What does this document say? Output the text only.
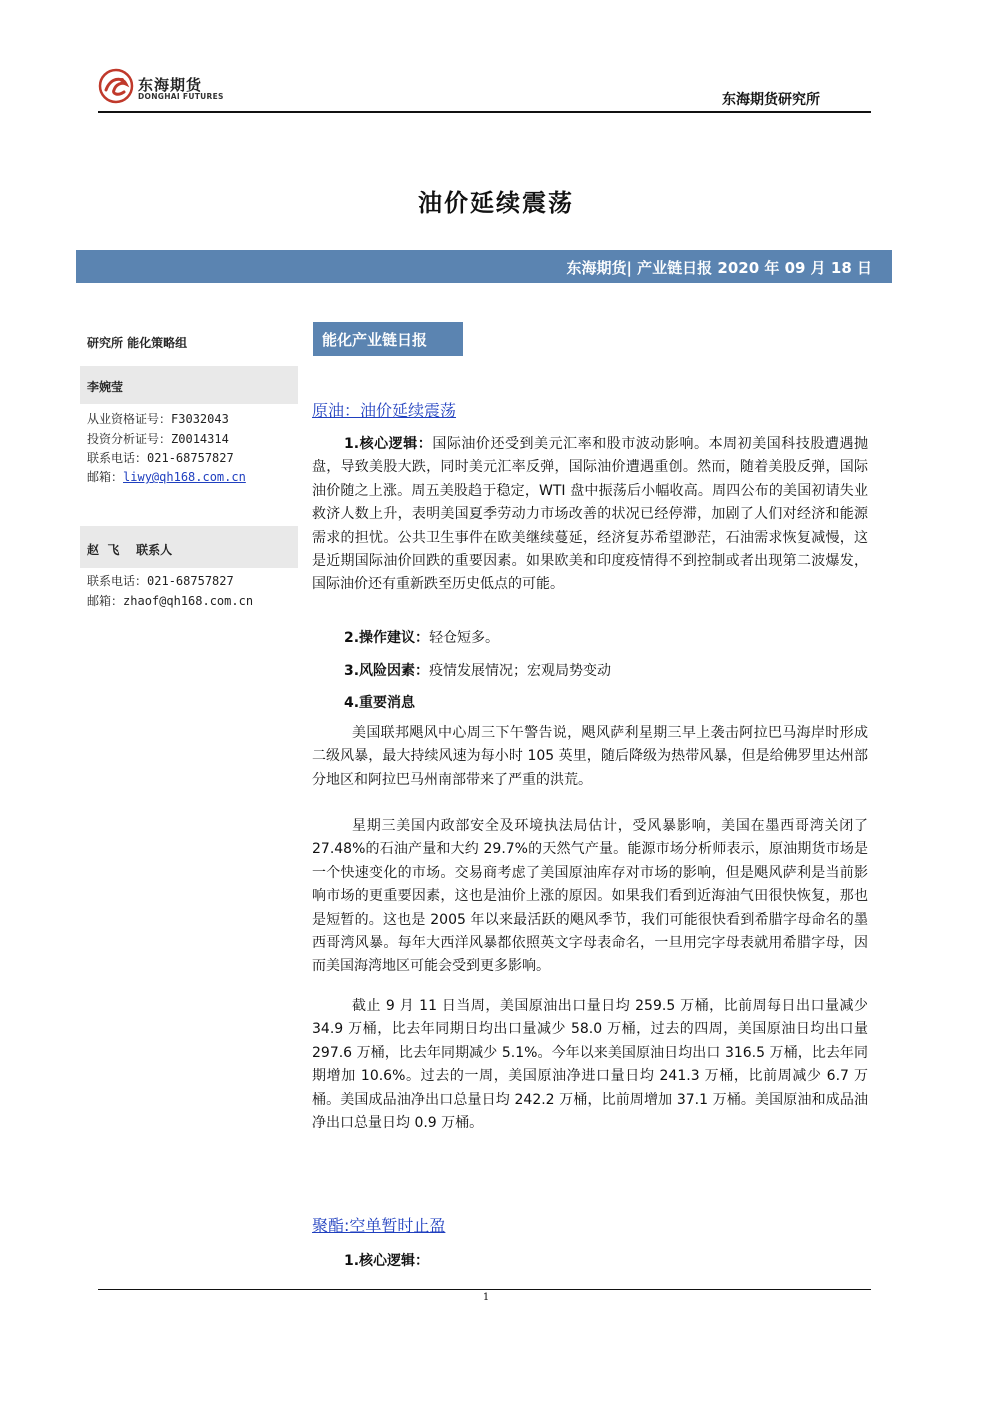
东海期货
DONGHAI FUTURES	东海期货研究所
油价延续震荡
东海期货| 产业链日报 2020 年 09 月 18 日
研究所 能化策略组
李婉莹
从业资格证号：F3032043
投资分析证号：Z0014314
联系电话：021-68757827
邮箱：liwy@qh168.com.cn
赵  飞    联系人
联系电话：021-68757827
邮箱：zhaof@qh168.com.cn
能化产业链日报
原油：油价延续震荡
1.核心逻辑：国际油价还受到美元汇率和股市波动影响。本周初美国科技股遭遇抛盘，导致美股大跌，同时美元汇率反弹，国际油价遭遇重创。然而，随着美股反弹，国际油价随之上涨。周五美股趋于稳定，WTI 盘中振荡后小幅收高。周四公布的美国初请失业救济人数上升，表明美国夏季劳动力市场改善的状况已经停滞，加剧了人们对经济和能源需求的担忧。公共卫生事件在欧美继续蔓延，经济复苏希望渺茫，石油需求恢复减慢，这是近期国际油价回跌的重要因素。如果欧美和印度疫情得不到控制或者出现第二波爆发，国际油价还有重新跌至历史低点的可能。
2.操作建议：轻仓短多。
3.风险因素：疫情发展情况；宏观局势变动
4.重要消息
美国联邦飓风中心周三下午警告说，飓风萨利星期三早上袭击阿拉巴马海岸时形成二级风暴，最大持续风速为每小时 105 英里，随后降级为热带风暴，但是给佛罗里达州部分地区和阿拉巴马州南部带来了严重的洪荒。
星期三美国内政部安全及环境执法局估计，受风暴影响，美国在墨西哥湾关闭了 27.48%的石油产量和大约 29.7%的天然气产量。能源市场分析师表示，原油期货市场是一个快速变化的市场。交易商考虑了美国原油库存对市场的影响，但是飓风萨利是当前影响市场的更重要因素，这也是油价上涨的原因。如果我们看到近海油气田很快恢复，那也是短暂的。这也是 2005 年以来最活跃的飓风季节，我们可能很快看到希腊字母命名的墨西哥湾风暴。每年大西洋风暴都依照英文字母表命名，一旦用完字母表就用希腊字母，因而美国海湾地区可能会受到更多影响。
截止 9 月 11 日当周，美国原油出口量日均 259.5 万桶，比前周每日出口量减少 34.9 万桶，比去年同期日均出口量减少 58.0 万桶，过去的四周，美国原油日均出口量 297.6 万桶，比去年同期减少 5.1%。今年以来美国原油日均出口 316.5 万桶，比去年同期增加 10.6%。过去的一周，美国原油净进口量日均 241.3 万桶，比前周减少 6.7 万桶。美国成品油净出口总量日均 242.2 万桶，比前周增加 37.1 万桶。美国原油和成品油净出口总量日均 0.9 万桶。
聚酯:空单暂时止盈
1.核心逻辑：
1
